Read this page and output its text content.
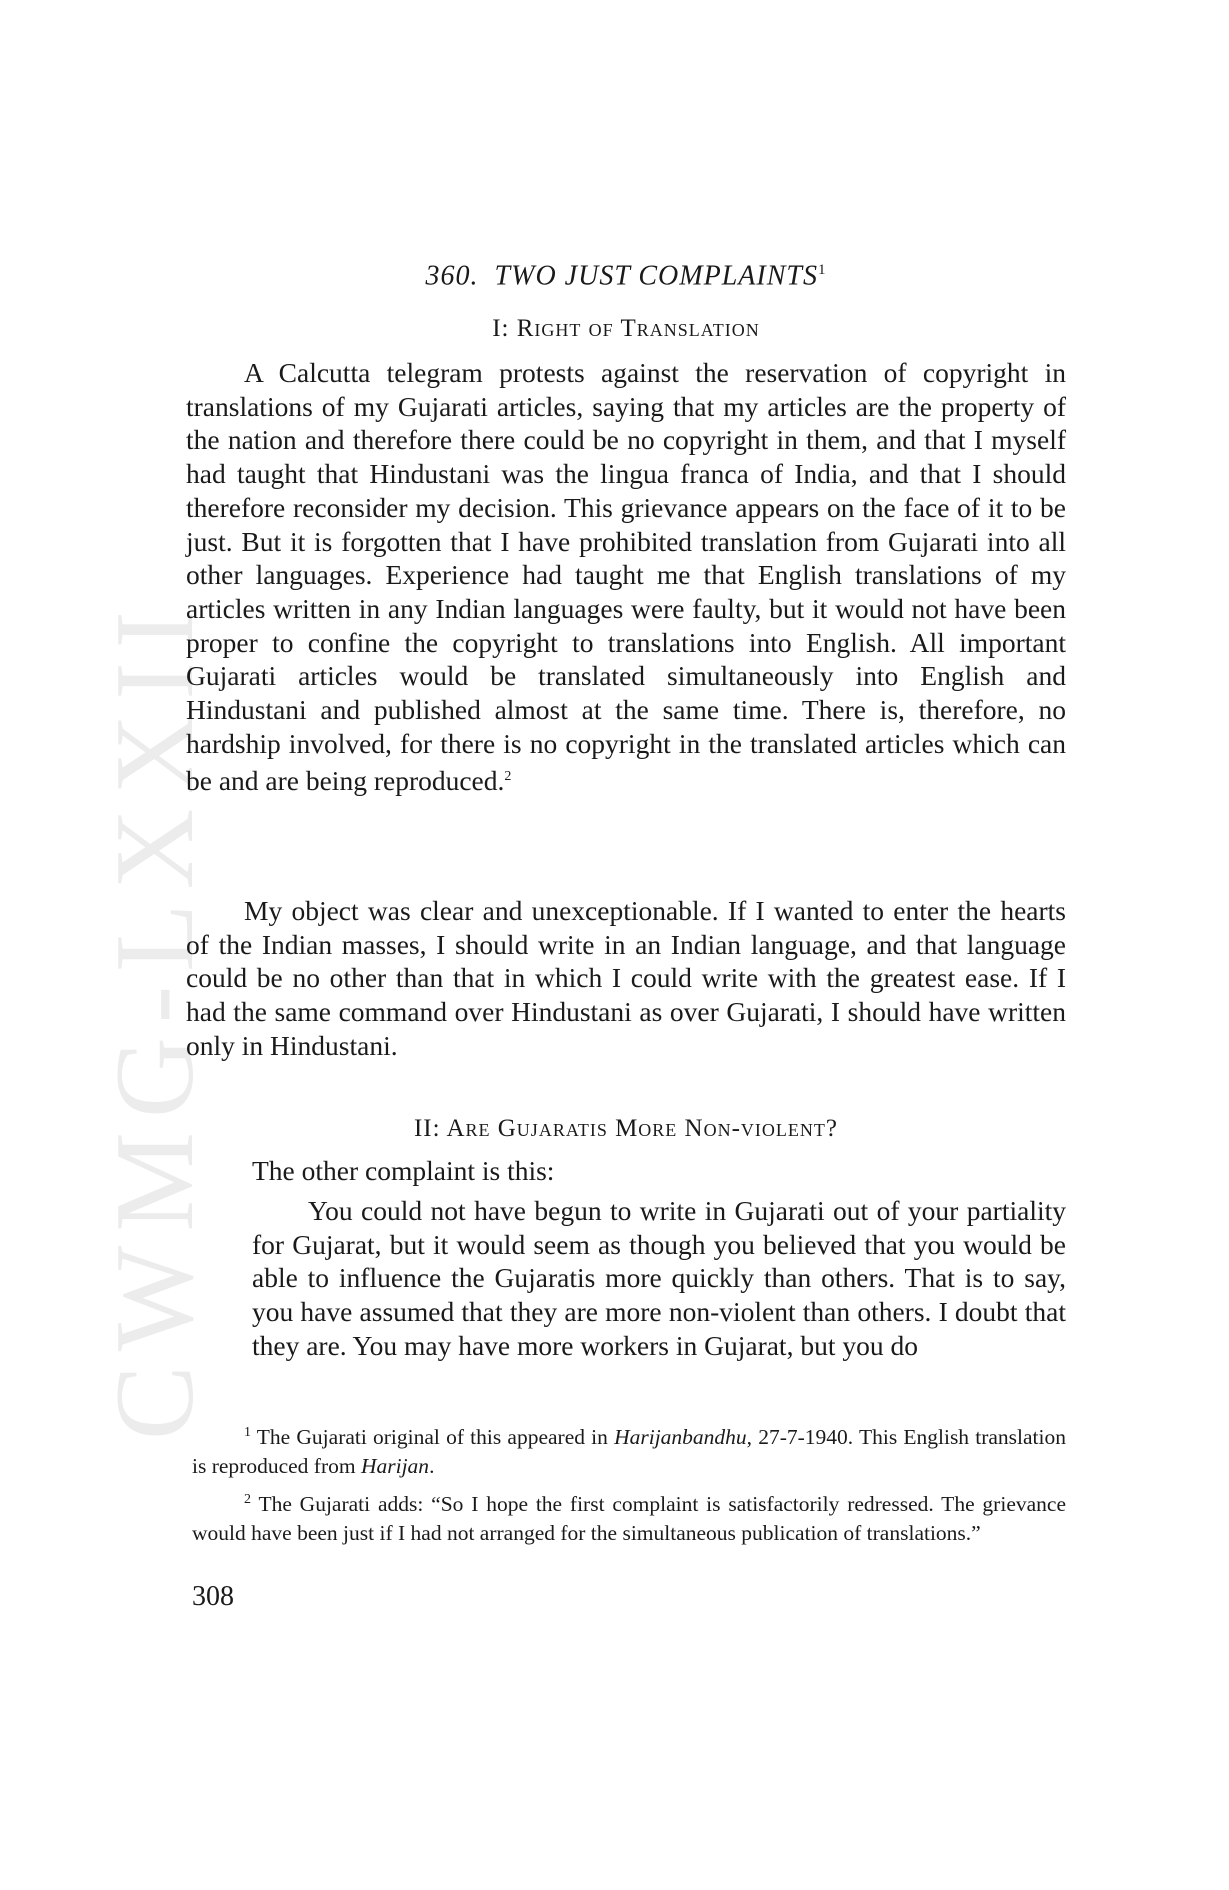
CWMG-LXXII
360. TWO JUST COMPLAINTS$^1$
I: Right of Translation
A Calcutta telegram protests against the reservation of copyright in translations of my Gujarati articles, saying that my articles are the property of the nation and therefore there could be no copyright in them, and that I myself had taught that Hindustani was the lingua franca of India, and that I should therefore reconsider my decision. This grievance appears on the face of it to be just. But it is forgotten that I have prohibited translation from Gujarati into all other languages. Experience had taught me that English translations of my articles written in any Indian languages were faulty, but it would not have been proper to confine the copyright to translations into English. All important Gujarati articles would be translated simultaneously into English and Hindustani and published almost at the same time. There is, therefore, no hardship involved, for there is no copyright in the translated articles which can be and are being reproduced.$^2$
My object was clear and unexceptionable. If I wanted to enter the hearts of the Indian masses, I should write in an Indian language, and that language could be no other than that in which I could write with the greatest ease. If I had the same command over Hindustani as over Gujarati, I should have written only in Hindustani.
II: Are Gujaratis More Non-violent?
The other complaint is this:
You could not have begun to write in Gujarati out of your partiality for Gujarat, but it would seem as though you believed that you would be able to influence the Gujaratis more quickly than others. That is to say, you have assumed that they are more non-violent than others. I doubt that they are. You may have more workers in Gujarat, but you do

$^1$ The Gujarati original of this appeared in Harijanbandhu, 27-7-1940. This English translation is reproduced from Harijan.

$^2$ The Gujarati adds: “So I hope the first complaint is satisfactorily redressed. The grievance would have been just if I had not arranged for the simultaneous publication of translations.”

308
